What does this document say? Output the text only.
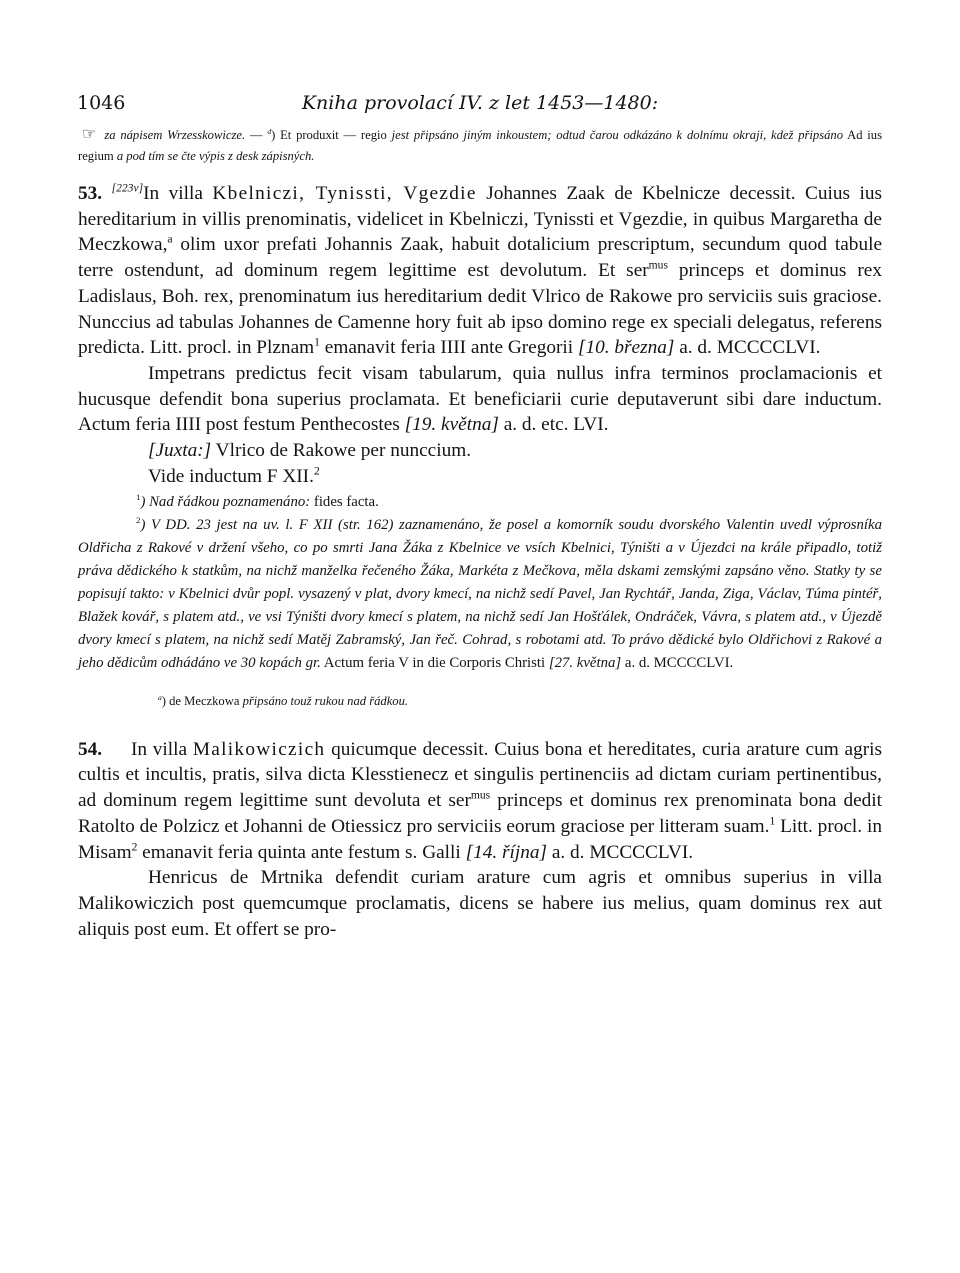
1046	Kniha provolací IV. z let 1453—1480:
☞ za nápisem Wrzesskowicze. — $^d$) Et produxit — regio jest připsáno jiným inkoustem; odtud čarou odkázáno k dolnímu okraji, kdež připsáno Ad ius regium a pod tím se čte výpis z desk zápisných.

53. [223v]In villa Kbelniczi, Tynissti, Vgezdie Johannes Zaak de Kbelnicze decessit. Cuius ius hereditarium in villis prenominatis, videlicet in Kbelniczi, Tynissti et Vgezdie, in quibus Margaretha de Meczkowa,$^a$ olim uxor prefati Johannis Zaak, habuit dotalicium prescriptum, secundum quod tabule terre ostendunt, ad dominum regem legittime est devolutum. Et ser$^{mus}$ princeps et dominus rex Ladislaus, Boh. rex, prenominatum ius hereditarium dedit Vlrico de Rakowe pro serviciis suis graciose. Nunccius ad tabulas Johannes de Camenne hory fuit ab ipso domino rege ex speciali delegatus, referens predicta. Litt. procl. in Plznam$^1$ emanavit feria IIII ante Gregorii [10. března] a. d. MCCCCLVI.

Impetrans predictus fecit visam tabularum, quia nullus infra terminos proclamacionis et hucusque defendit bona superius proclamata. Et beneficiarii curie deputaverunt sibi dare inductum. Actum feria IIII post festum Penthecostes [19. května] a. d. etc. LVI.

[Juxta:] Vlrico de Rakowe per nunccium.

Vide inductum F XII.$^2$

$^1$) Nad řádkou poznamenáno: fides facta.

$^2$) V DD. 23 jest na uv. l. F XII (str. 162) zaznamenáno, že posel a komorník soudu dvorského Valentin uvedl výprosníka Oldřicha z Rakové v držení všeho, co po smrti Jana Žáka z Kbelnice ve vsích Kbelnici, Týništi a v Újezdci na krále připadlo, totiž práva dědického k statkům, na nichž manželka řečeného Žáka, Markéta z Mečkova, měla dskami zemskými zapsáno věno. Statky ty se popisují takto: v Kbelnici dvůr popl. vysazený v plat, dvory kmecí, na nichž sedí Pavel, Jan Rychtář, Janda, Ziga, Václav, Túma pintéř, Blažek kovář, s platem atd., ve vsi Týništi dvory kmecí s platem, na nichž sedí Jan Hošťálek, Ondráček, Vávra, s platem atd., v Újezdě dvory kmecí s platem, na nichž sedí Matěj Zabramský, Jan řeč. Cohrad, s robotami atd. To právo dědické bylo Oldřichovi z Rakové a jeho dědicům odhádáno ve 30 kopách gr. Actum feria V in die Corporis Christi [27. května] a. d. MCCCCLVI.

$^a$) de Meczkowa připsáno touž rukou nad řádkou.

54. In villa Malikowiczich quicumque decessit. Cuius bona et hereditates, curia arature cum agris cultis et incultis, pratis, silva dicta Klesstienecz et singulis pertinenciis ad dictam curiam pertinentibus, ad dominum regem legittime sunt devoluta et ser$^{mus}$ princeps et dominus rex prenominata bona dedit Ratolto de Polzicz et Johanni de Otiessicz pro serviciis eorum graciose per litteram suam.$^1$ Litt. procl. in Misam$^2$ emanavit feria quinta ante festum s. Galli [14. října] a. d. MCCCCLVI.

Henricus de Mrtnika defendit curiam arature cum agris et omnibus superius in villa Malikowiczich post quemcumque proclamatis, dicens se habere ius melius, quam dominus rex aut aliquis post eum. Et offert se pro-
